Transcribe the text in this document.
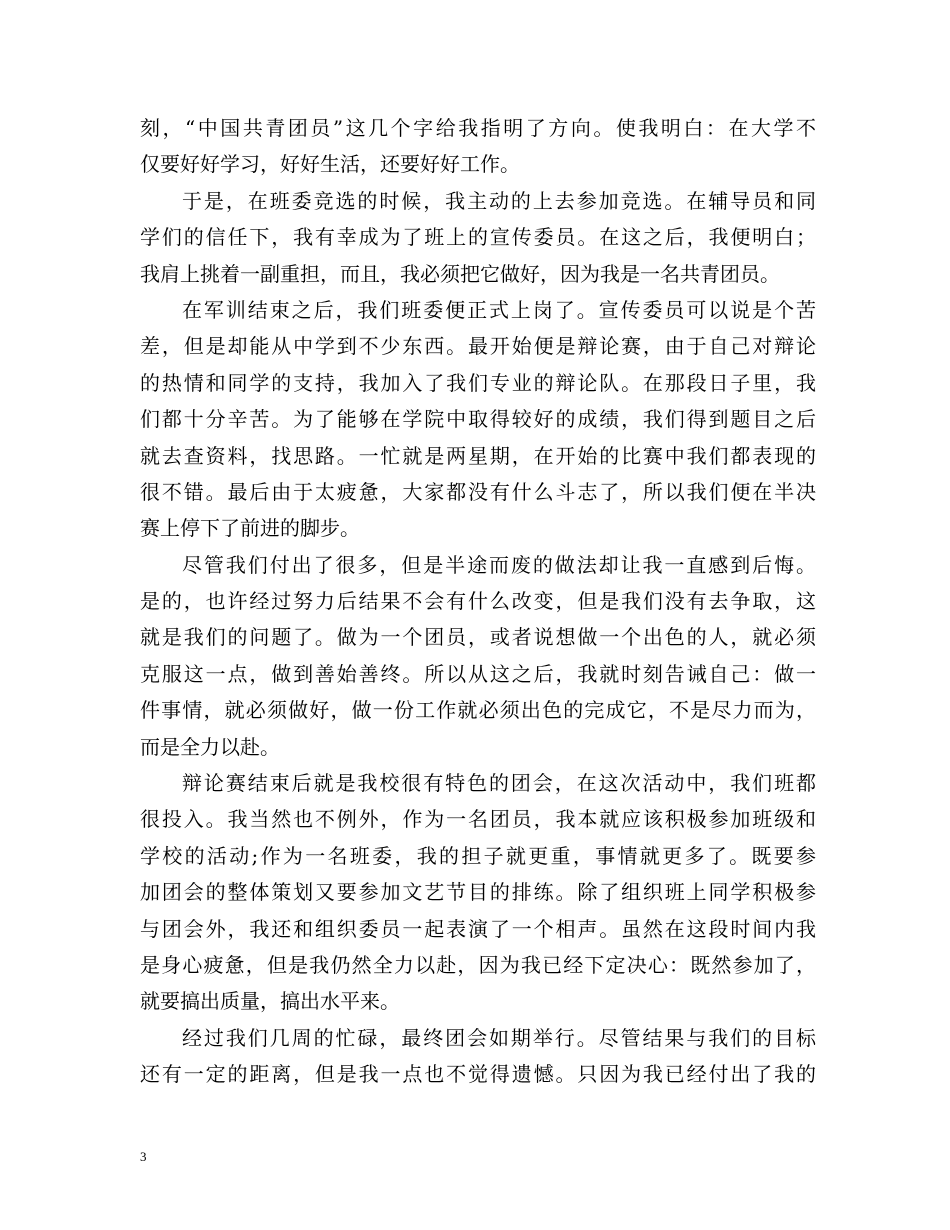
刻，“中国共青团员”这几个字给我指明了方向。使我明白：在大学不
仅要好好学习，好好生活，还要好好工作。
于是，在班委竞选的时候，我主动的上去参加竞选。在辅导员和同
学们的信任下，我有幸成为了班上的宣传委员。在这之后，我便明白；
我肩上挑着一副重担，而且，我必须把它做好，因为我是一名共青团员。
在军训结束之后，我们班委便正式上岗了。宣传委员可以说是个苦
差，但是却能从中学到不少东西。最开始便是辩论赛，由于自己对辩论
的热情和同学的支持，我加入了我们专业的辩论队。在那段日子里，我
们都十分辛苦。为了能够在学院中取得较好的成绩，我们得到题目之后
就去查资料，找思路。一忙就是两星期，在开始的比赛中我们都表现的
很不错。最后由于太疲惫，大家都没有什么斗志了，所以我们便在半决
赛上停下了前进的脚步。
尽管我们付出了很多，但是半途而废的做法却让我一直感到后悔。
是的，也许经过努力后结果不会有什么改变，但是我们没有去争取，这
就是我们的问题了。做为一个团员，或者说想做一个出色的人，就必须
克服这一点，做到善始善终。所以从这之后，我就时刻告诫自己：做一
件事情，就必须做好，做一份工作就必须出色的完成它，不是尽力而为，
而是全力以赴。
辩论赛结束后就是我校很有特色的团会，在这次活动中，我们班都
很投入。我当然也不例外，作为一名团员，我本就应该积极参加班级和
学校的活动;作为一名班委，我的担子就更重，事情就更多了。既要参
加团会的整体策划又要参加文艺节目的排练。除了组织班上同学积极参
与团会外，我还和组织委员一起表演了一个相声。虽然在这段时间内我
是身心疲惫，但是我仍然全力以赴，因为我已经下定决心：既然参加了，
就要搞出质量，搞出水平来。
经过我们几周的忙碌，最终团会如期举行。尽管结果与我们的目标
还有一定的距离，但是我一点也不觉得遗憾。只因为我已经付出了我的
3
